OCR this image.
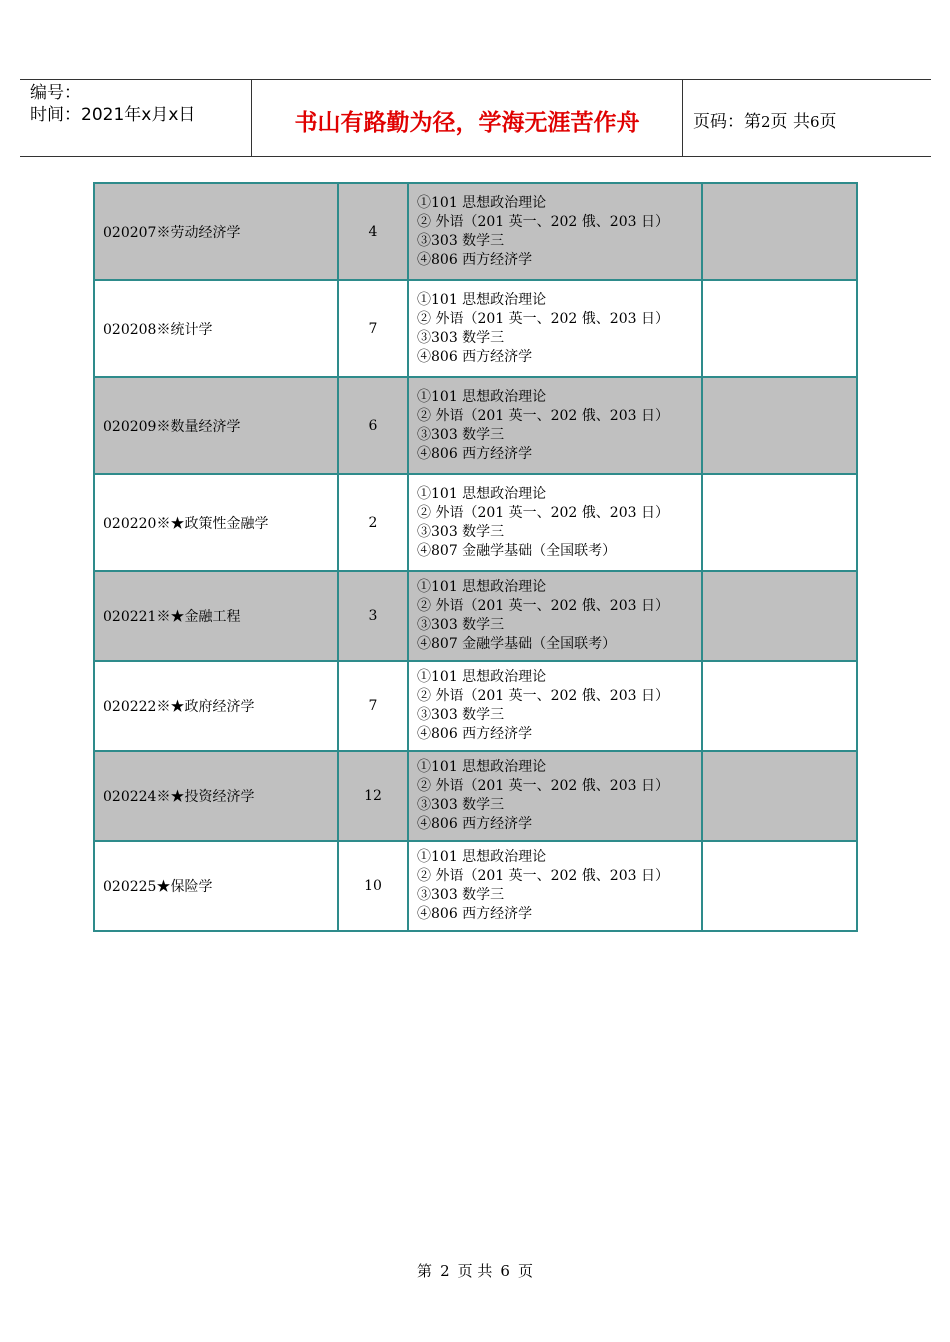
编号：
时间：2021年x月x日	书山有路勤为径，学海无涯苦作舟	页码：第2页 共6页
020207※劳动经济学	4	①101 思想政治理论
② 外语（201 英一、202 俄、203 日）
③303 数学三
④806 西方经济学	

020208※统计学	7	①101 思想政治理论
② 外语（201 英一、202 俄、203 日）
③303 数学三
④806 西方经济学	

020209※数量经济学	6	①101 思想政治理论
② 外语（201 英一、202 俄、203 日）
③303 数学三
④806 西方经济学	

020220※★政策性金融学	2	①101 思想政治理论
② 外语（201 英一、202 俄、203 日）
③303 数学三
④807 金融学基础（全国联考）	

020221※★金融工程	3	①101 思想政治理论
② 外语（201 英一、202 俄、203 日）
③303 数学三
④807 金融学基础（全国联考）	

020222※★政府经济学	7	①101 思想政治理论
② 外语（201 英一、202 俄、203 日）
③303 数学三
④806 西方经济学	

020224※★投资经济学	12	①101 思想政治理论
② 外语（201 英一、202 俄、203 日）
③303 数学三
④806 西方经济学	

020225★保险学	10	①101 思想政治理论
② 外语（201 英一、202 俄、203 日）
③303 数学三
④806 西方经济学	

第 2 页 共 6 页
